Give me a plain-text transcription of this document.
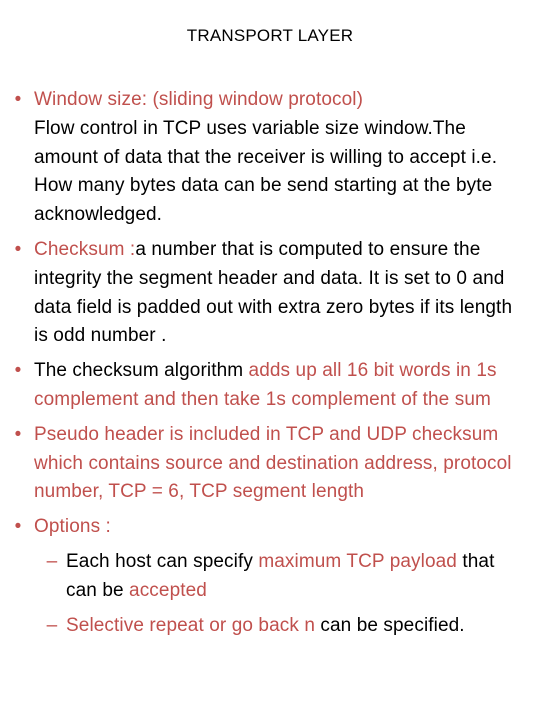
TRANSPORT LAYER
• Window size: (sliding window protocol)
Flow control in TCP uses variable size window.The amount of data that the receiver is willing to accept i.e. How many bytes data can be send starting at the byte acknowledged.
• Checksum :a number that is computed to ensure the integrity the segment header and data. It is set to 0 and data field is padded out with extra zero bytes if its length is odd number .
• The checksum algorithm adds up all 16 bit words in 1s complement and then take 1s complement of the sum
• Pseudo header is included in TCP and UDP checksum which contains source and destination address, protocol number, TCP = 6, TCP segment length
• Options :
– Each host can specify maximum TCP payload that can be accepted
– Selective repeat or go back n can be specified.
